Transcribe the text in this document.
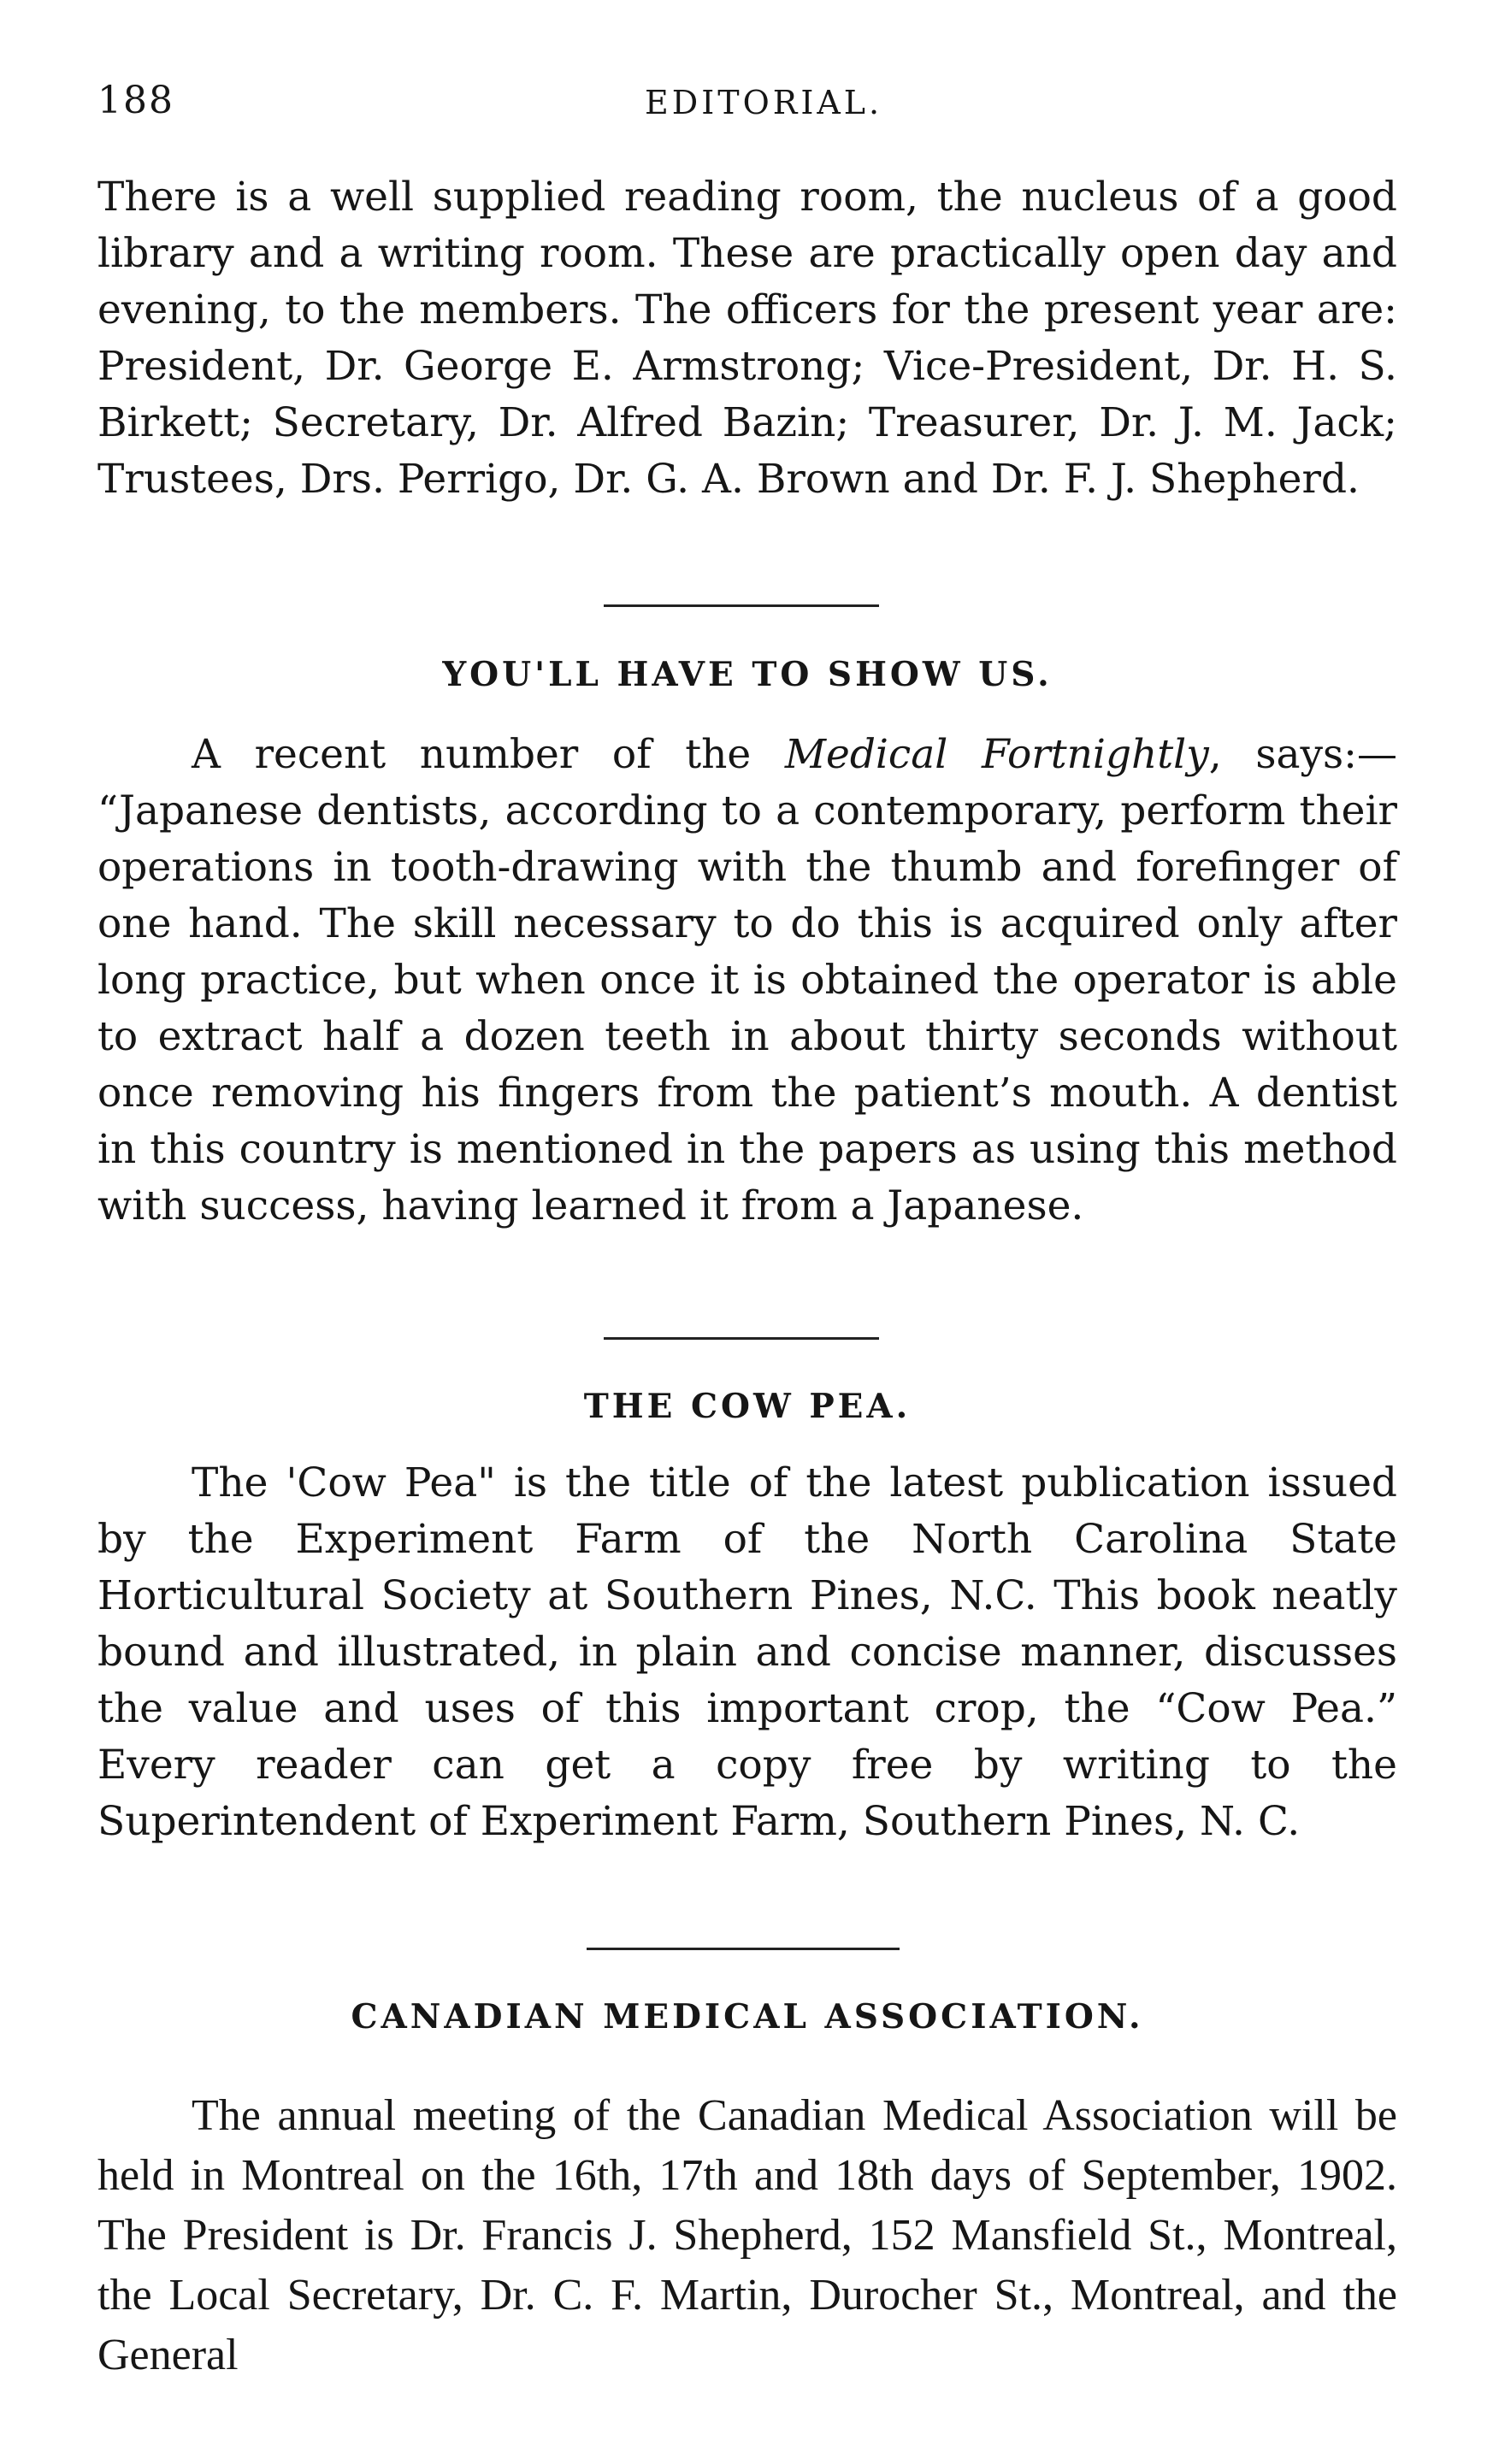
188	EDITORIAL.

There is a well supplied reading room, the nucleus of a good library and a writing room. These are practically open day and evening, to the members. The officers for the present year are: President, Dr. George E. Armstrong; Vice-President, Dr. H. S. Birkett; Secretary, Dr. Alfred Bazin; Treasurer, Dr. J. M. Jack; Trustees, Drs. Perrigo, Dr. G. A. Brown and Dr. F. J. Shepherd.

YOU'LL HAVE TO SHOW US.

A recent number of the Medical Fortnightly, says:— “Japanese dentists, according to a contemporary, perform their operations in tooth-drawing with the thumb and forefinger of one hand. The skill necessary to do this is acquired only after long practice, but when once it is obtained the operator is able to extract half a dozen teeth in about thirty seconds without once removing his fingers from the patient’s mouth. A dentist in this country is mentioned in the papers as using this method with success, having learned it from a Japanese.

THE COW PEA.

The 'Cow Pea" is the title of the latest publication issued by the Experiment Farm of the North Carolina State Horticultural Society at Southern Pines, N.C. This book neatly bound and illustrated, in plain and concise manner, discusses the value and uses of this important crop, the “Cow Pea.” Every reader can get a copy free by writing to the Superintendent of Experiment Farm, Southern Pines, N. C.

CANADIAN MEDICAL ASSOCIATION.

The annual meeting of the Canadian Medical Association will be held in Montreal on the 16th, 17th and 18th days of September, 1902. The President is Dr. Francis J. Shepherd, 152 Mansfield St., Montreal, the Local Secretary, Dr. C. F. Martin, Durocher St., Montreal, and the General
